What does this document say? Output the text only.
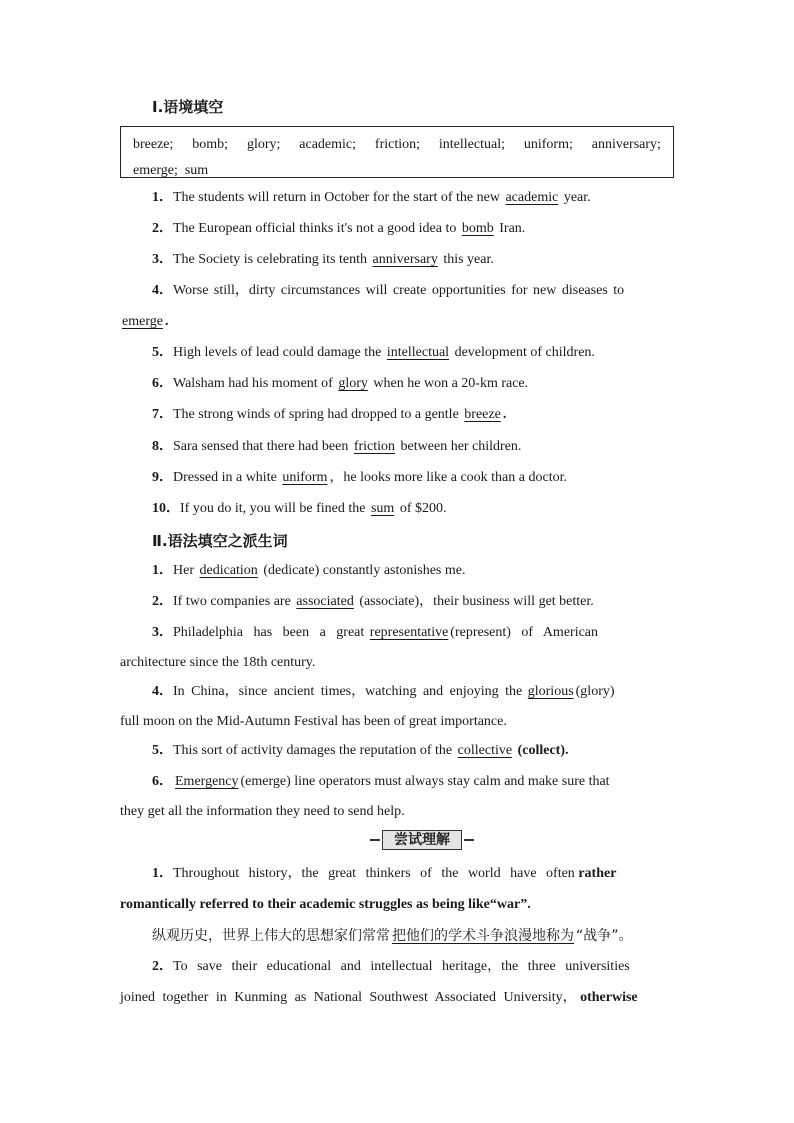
Ⅰ.语境填空
breeze; bomb; glory; academic; friction; intellectual; uniform; anniversary;
emerge;  sum
1．The students will return in October for the start of the new academic year.
2．The European official thinks it's not a good idea to bomb Iran.
3．The Society is celebrating its tenth anniversary this year.
4．Worse still，dirty circumstances will create opportunities for new diseases to
emerge .
5．High levels of lead could damage the intellectual development of children.
6．Walsham had his moment of glory when he won a 20-km race.
7．The strong winds of spring had dropped to a gentle breeze .
8．Sara sensed that there had been friction between her children.
9．Dressed in a white uniform ，he looks more like a cook than a doctor.
10．If you do it, you will be fined the sum of $200.
Ⅱ.语法填空之派生词
1．Her dedication (dedicate) constantly astonishes me.
2．If two companies are associated (associate)，their business will get better.
3．Philadelphia   has   been   a   great representative (represent)   of   American
architecture since the 18th century.
4．In China，since ancient times，watching and enjoying the glorious (glory)
full moon on the Mid-Autumn Festival has been of great importance.
5．This sort of activity damages the reputation of the collective (collect).
6． Emergency (emerge) line operators must always stay calm and make sure that
they get all the information they need to send help.
尝试理解
1．Throughout history，the great thinkers of the world have often rather
romantically referred to their academic struggles as being like“war”.
纵观历史，世界上伟大的思想家们常常 把他们的学术斗争浪漫地称为 “战争”。
2．To save their educational and intellectual heritage，the three universities
joined together in Kunming as National Southwest Associated University， otherwise
